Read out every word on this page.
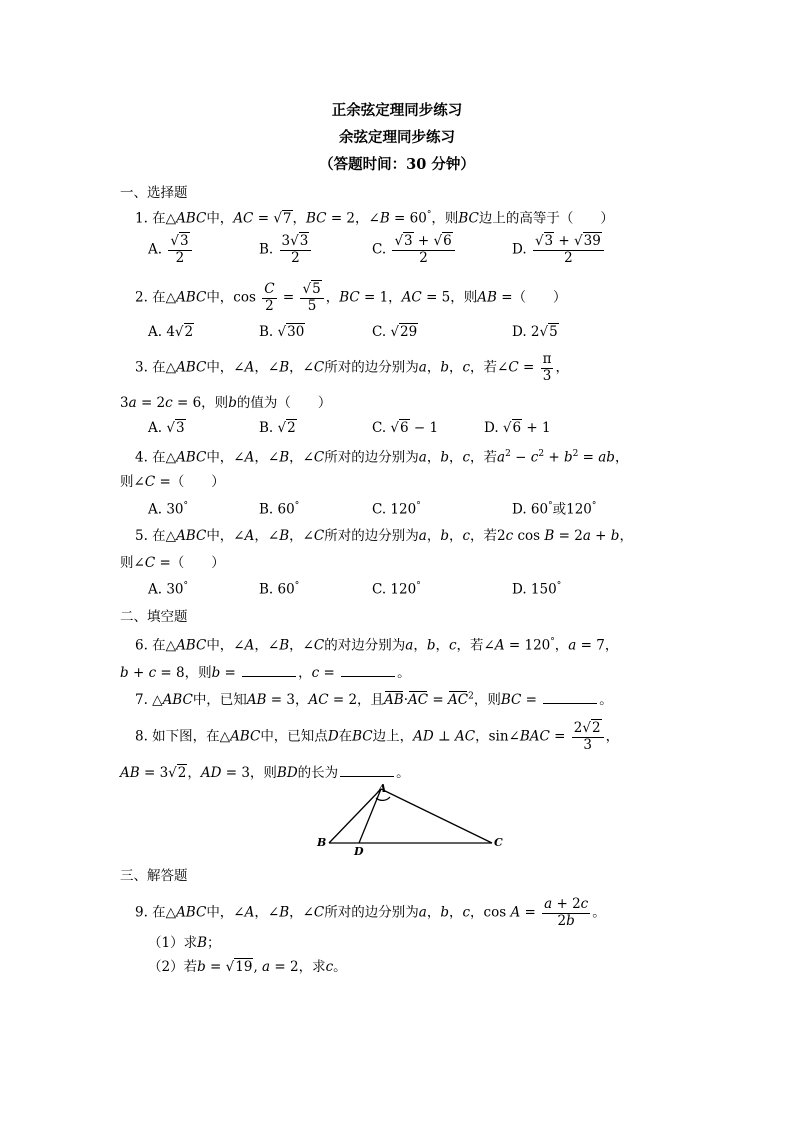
正余弦定理同步练习
余弦定理同步练习
（答题时间：30 分钟）
一、选择题
1. 在△ABC中，AC = √7，BC = 2，∠B = 60°，则BC边上的高等于（　　）
A. $\frac{√3}{2}$	B. $\frac{3√3}{2}$	C. $\frac{√3 + √6}{2}$	D. $\frac{√3 + √39}{2}$
2. 在△ABC中，$\cos \frac{C}{2} = \frac{√5}{5}$ ，BC = 1，AC = 5，则AB =（　　）
A. 4√2	B. √30	C. √29	D. 2√5
3. 在△ABC中，∠A，∠B，∠C所对的边分别为a，b，c，若∠C = $\frac{\pi}{3}$ ，
3a = 2c = 6，则b的值为（　　）
A. √3	B. √2	C. √6 − 1	D. √6 + 1
4. 在△ABC中，∠A，∠B，∠C所对的边分别为a，b，c，若$a^2 - c^2 + b^2$ = ab，
则∠C =（　　）
A. 30°	B. 60°	C. 120°	D. 60°或120°
5. 在△ABC中，∠A，∠B，∠C所对的边分别为a，b，c，若2c cos B = 2a + b，
则∠C =（　　）
A. 30°	B. 60°	C. 120°	D. 150°
二、填空题
6. 在△ABC中，∠A，∠B，∠C的对边分别为a，b，c，若∠A = 120°，a = 7，
b + c = 8，则b =	，c =	。
7. △ABC中，已知AB = 3，AC = 2，且$AB\cdot AC = AC^2$，则BC =	。
8. 如下图，在△ABC中，已知点D在BC边上，AD ⊥ AC，sin∠BAC = $\frac{2√2}{3}$ ，
AB = 3√2，AD = 3，则BD的长为	。
A
B	C
D
三、解答题
9. 在△ABC中，∠A，∠B，∠C所对的边分别为a，b，c，$\cos A = \frac{a + 2c}{2b}$ 。
（1）求B；
（2）若b = √19, a = 2，求c。
